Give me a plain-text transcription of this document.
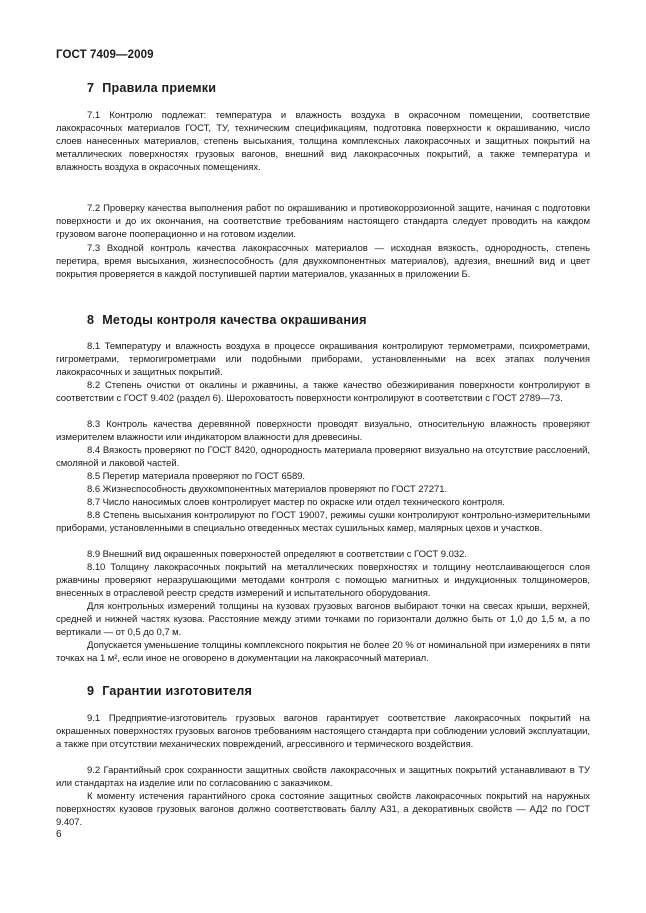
ГОСТ 7409—2009
7 Правила приемки
7.1 Контролю подлежат: температура и влажность воздуха в окрасочном помещении, соответствие лакокрасочных материалов ГОСТ, ТУ, техническим спецификациям, подготовка поверхности к окрашиванию, число слоев нанесенных материалов, степень высыхания, толщина комплексных лакокрасочных и защитных покрытий на металлических поверхностях грузовых вагонов, внешний вид лакокрасочных покрытий, а также температура и влажность воздуха в окрасочных помещениях.
7.2 Проверку качества выполнения работ по окрашиванию и противокоррозионной защите, начиная с подготовки поверхности и до их окончания, на соответствие требованиям настоящего стандарта следует проводить на каждом грузовом вагоне пооперационно и на готовом изделии.
7.3 Входной контроль качества лакокрасочных материалов — исходная вязкость, однородность, степень перетира, время высыхания, жизнеспособность (для двухкомпонентных материалов), адгезия, внешний вид и цвет покрытия проверяется в каждой поступившей партии материалов, указанных в приложении Б.
8 Методы контроля качества окрашивания
8.1 Температуру и влажность воздуха в процессе окрашивания контролируют термометрами, психрометрами, гигрометрами, термогигрометрами или подобными приборами, установленными на всех этапах получения лакокрасочных и защитных покрытий.
8.2 Степень очистки от окалины и ржавчины, а также качество обезжиривания поверхности контролируют в соответствии с ГОСТ 9.402 (раздел 6). Шероховатость поверхности контролируют в соответствии с ГОСТ 2789—73.
8.3 Контроль качества деревянной поверхности проводят визуально, относительную влажность проверяют измерителем влажности или индикатором влажности для древесины.
8.4 Вязкость проверяют по ГОСТ 8420, однородность материала проверяют визуально на отсутствие расслоений, смоляной и лаковой частей.
8.5 Перетир материала проверяют по ГОСТ 6589.
8.6 Жизнеспособность двухкомпонентных материалов проверяют по ГОСТ 27271.
8.7 Число наносимых слоев контролирует мастер по окраске или отдел технического контроля.
8.8 Степень высыхания контролируют по ГОСТ 19007, режимы сушки контролируют контрольно-измерительными приборами, установленными в специально отведенных местах сушильных камер, малярных цехов и участков.
8.9 Внешний вид окрашенных поверхностей определяют в соответствии с ГОСТ 9.032.
8.10 Толщину лакокрасочных покрытий на металлических поверхностях и толщину неотслаивающегося слоя ржавчины проверяют неразрушающими методами контроля с помощью магнитных и индукционных толщиномеров, внесенных в отраслевой реестр средств измерений и испытательного оборудования.
Для контрольных измерений толщины на кузовах грузовых вагонов выбирают точки на свесах крыши, верхней, средней и нижней частях кузова. Расстояние между этими точками по горизонтали должно быть от 1,0 до 1,5 м, а по вертикали — от 0,5 до 0,7 м.
Допускается уменьшение толщины комплексного покрытия не более 20 % от номинальной при измерениях в пяти точках на 1 м², если иное не оговорено в документации на лакокрасочный материал.
9 Гарантии изготовителя
9.1 Предприятие-изготовитель грузовых вагонов гарантирует соответствие лакокрасочных покрытий на окрашенных поверхностях грузовых вагонов требованиям настоящего стандарта при соблюдении условий эксплуатации, а также при отсутствии механических повреждений, агрессивного и термического воздействия.
9.2 Гарантийный срок сохранности защитных свойств лакокрасочных и защитных покрытий устанавливают в ТУ или стандартах на изделие или по согласованию с заказчиком.
К моменту истечения гарантийного срока состояние защитных свойств лакокрасочных покрытий на наружных поверхностях кузовов грузовых вагонов должно соответствовать баллу А31, а декоративных свойств — АД2 по ГОСТ 9.407.
6
